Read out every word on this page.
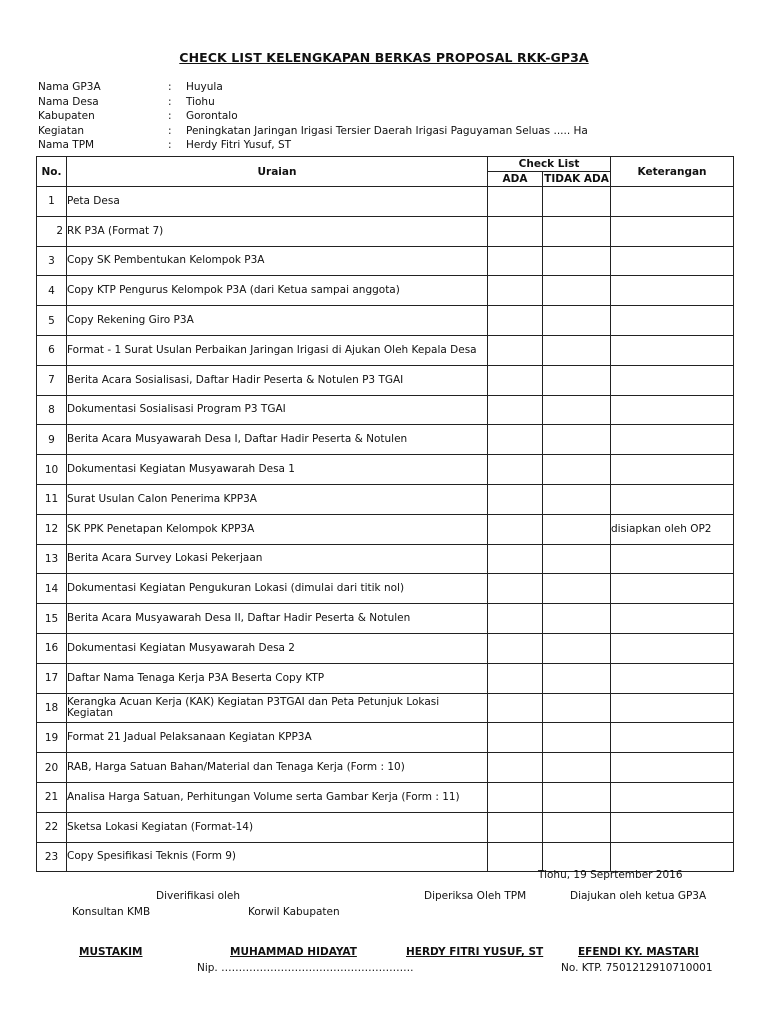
CHECK LIST KELENGKAPAN BERKAS PROPOSAL RKK-GP3A
Nama GP3A	: Huyula
Nama Desa	: Tiohu
Kabupaten	: Gorontalo
Kegiatan	: Peningkatan Jaringan Irigasi Tersier Daerah Irigasi Paguyaman Seluas ..... Ha
Nama TPM	: Herdy Fitri Yusuf, ST
No.	Uraian	Check List		Keterangan
		ADA	TIDAK ADA	
1	Peta Desa			
2	RK P3A (Format 7)			
3	Copy SK Pembentukan Kelompok P3A			
4	Copy KTP Pengurus Kelompok P3A (dari Ketua sampai anggota)			
5	Copy Rekening Giro P3A			
6	Format - 1 Surat Usulan Perbaikan Jaringan Irigasi di Ajukan Oleh Kepala Desa			
7	Berita Acara Sosialisasi, Daftar Hadir Peserta & Notulen P3 TGAI			
8	Dokumentasi Sosialisasi Program P3 TGAI			
9	Berita Acara Musyawarah Desa I, Daftar Hadir Peserta & Notulen			
10	Dokumentasi Kegiatan Musyawarah Desa 1			
11	Surat Usulan Calon Penerima KPP3A			
12	SK PPK Penetapan Kelompok KPP3A			disiapkan oleh OP2
13	Berita Acara Survey Lokasi Pekerjaan			
14	Dokumentasi Kegiatan Pengukuran Lokasi (dimulai dari titik nol)			
15	Berita Acara Musyawarah Desa II, Daftar Hadir Peserta & Notulen			
16	Dokumentasi Kegiatan Musyawarah Desa 2			
17	Daftar Nama Tenaga Kerja P3A Beserta Copy KTP			
18	Kerangka Acuan Kerja (KAK) Kegiatan P3TGAI dan Peta Petunjuk Lokasi Kegiatan			
19	Format 21 Jadual Pelaksanaan Kegiatan KPP3A			
20	RAB, Harga Satuan Bahan/Material dan Tenaga Kerja (Form : 10)			
21	Analisa Harga Satuan, Perhitungan Volume serta Gambar Kerja (Form : 11)			
22	Sketsa Lokasi Kegiatan (Format-14)			
23	Copy Spesifikasi Teknis (Form 9)			
Tiohu, 19 Seprtember 2016
Diverifikasi oleh
Konsultan KMB	Korwil Kabupaten
Diperiksa Oleh TPM	Diajukan oleh ketua GP3A
MUSTAKIM	MUHAMMAD HIDAYAT	HERDY FITRI YUSUF, ST	EFENDI KY. MASTARI
Nip. ……………………………………………….	No. KTP. 7501212910710001
